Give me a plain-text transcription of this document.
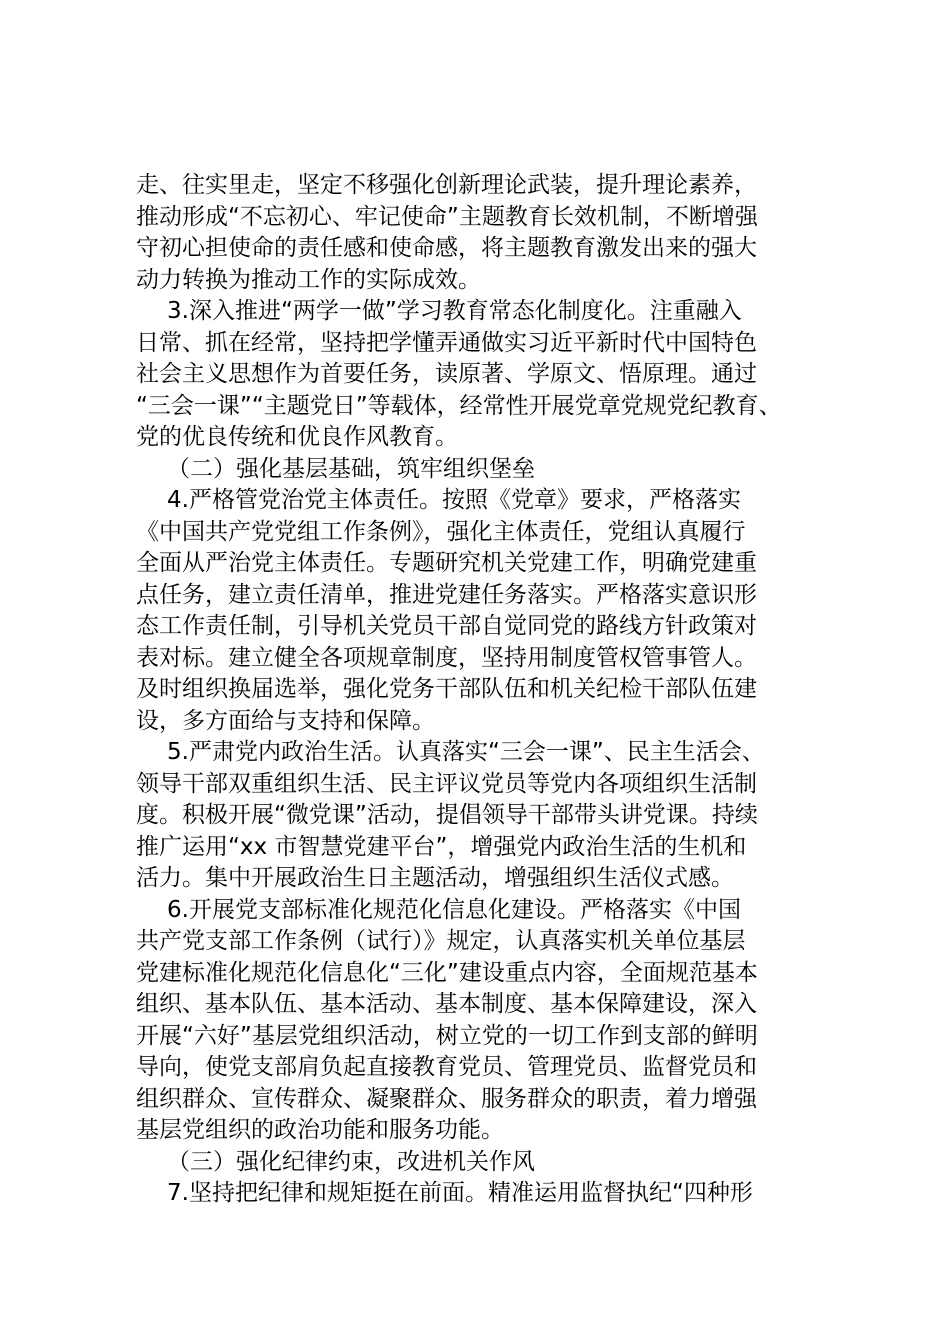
走、往实里走，坚定不移强化创新理论武装，提升理论素养，
推动形成“不忘初心、牢记使命”主题教育长效机制，不断增强
守初心担使命的责任感和使命感，将主题教育激发出来的强大
动力转换为推动工作的实际成效。
3.深入推进“两学一做”学习教育常态化制度化。注重融入
日常、抓在经常，坚持把学懂弄通做实习近平新时代中国特色
社会主义思想作为首要任务，读原著、学原文、悟原理。通过
“三会一课”“主题党日”等载体，经常性开展党章党规党纪教育、
党的优良传统和优良作风教育。
（二）强化基层基础，筑牢组织堡垒
4.严格管党治党主体责任。按照《党章》要求，严格落实
《中国共产党党组工作条例》，强化主体责任，党组认真履行
全面从严治党主体责任。专题研究机关党建工作，明确党建重
点任务，建立责任清单，推进党建任务落实。严格落实意识形
态工作责任制，引导机关党员干部自觉同党的路线方针政策对
表对标。建立健全各项规章制度，坚持用制度管权管事管人。
及时组织换届选举，强化党务干部队伍和机关纪检干部队伍建
设，多方面给与支持和保障。
5.严肃党内政治生活。认真落实“三会一课”、民主生活会、
领导干部双重组织生活、民主评议党员等党内各项组织生活制
度。积极开展“微党课”活动，提倡领导干部带头讲党课。持续
推广运用“xx 市智慧党建平台”，增强党内政治生活的生机和
活力。集中开展政治生日主题活动，增强组织生活仪式感。
6.开展党支部标准化规范化信息化建设。严格落实《中国
共产党支部工作条例（试行）》规定，认真落实机关单位基层
党建标准化规范化信息化“三化”建设重点内容，全面规范基本
组织、基本队伍、基本活动、基本制度、基本保障建设，深入
开展“六好”基层党组织活动，树立党的一切工作到支部的鲜明
导向，使党支部肩负起直接教育党员、管理党员、监督党员和
组织群众、宣传群众、凝聚群众、服务群众的职责，着力增强
基层党组织的政治功能和服务功能。
（三）强化纪律约束，改进机关作风
7.坚持把纪律和规矩挺在前面。精准运用监督执纪“四种形
